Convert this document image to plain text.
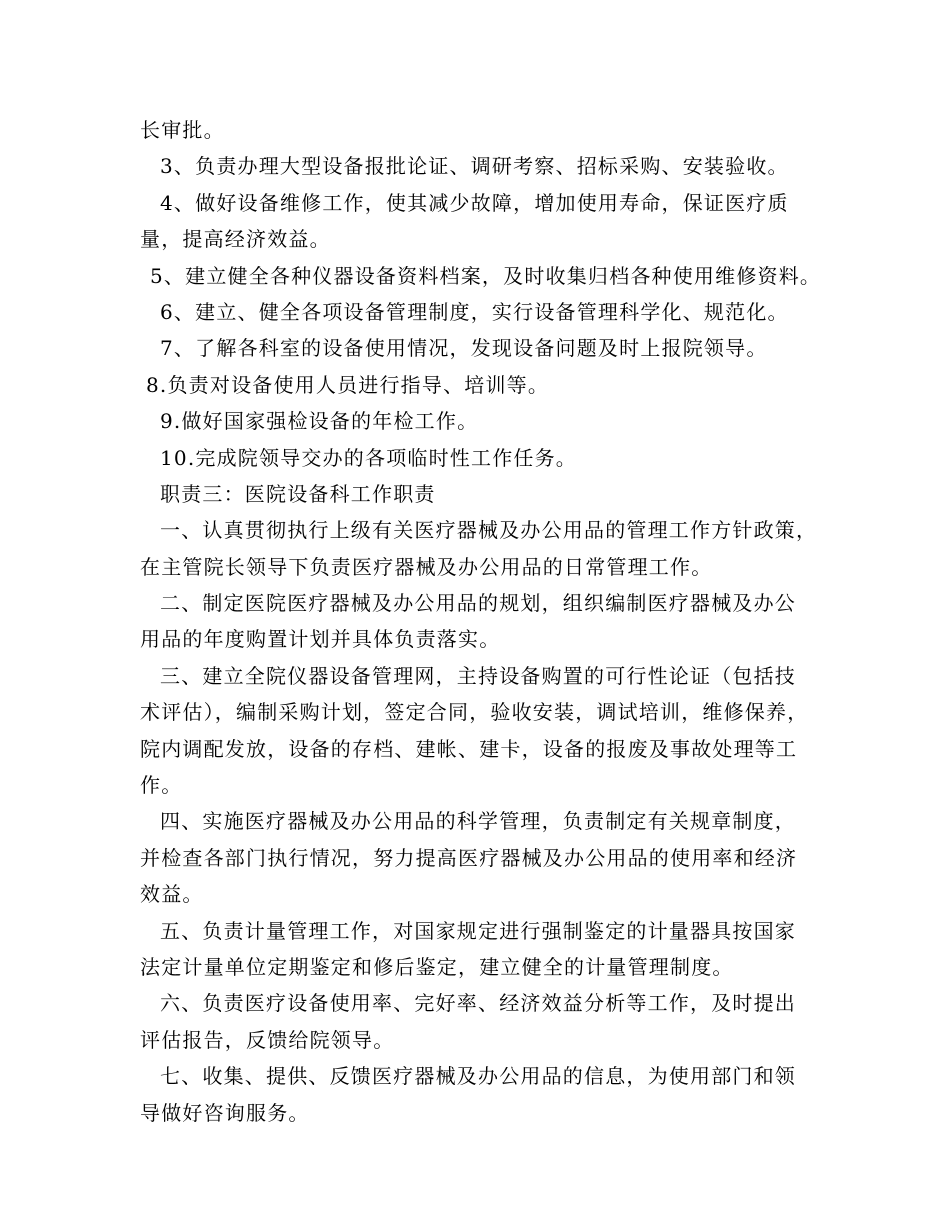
长审批。
3、负责办理大型设备报批论证、调研考察、招标采购、安装验收。
4、做好设备维修工作，使其减少故障，增加使用寿命，保证医疗质
量，提高经济效益。
5、建立健全各种仪器设备资料档案，及时收集归档各种使用维修资料。
6、建立、健全各项设备管理制度，实行设备管理科学化、规范化。
7、了解各科室的设备使用情况，发现设备问题及时上报院领导。
8.负责对设备使用人员进行指导、培训等。
9.做好国家强检设备的年检工作。
10.完成院领导交办的各项临时性工作任务。
职责三：医院设备科工作职责
一、认真贯彻执行上级有关医疗器械及办公用品的管理工作方针政策，
在主管院长领导下负责医疗器械及办公用品的日常管理工作。
二、制定医院医疗器械及办公用品的规划，组织编制医疗器械及办公
用品的年度购置计划并具体负责落实。
三、建立全院仪器设备管理网，主持设备购置的可行性论证（包括技
术评估），编制采购计划，签定合同，验收安装，调试培训，维修保养，
院内调配发放，设备的存档、建帐、建卡，设备的报废及事故处理等工
作。
四、实施医疗器械及办公用品的科学管理，负责制定有关规章制度，
并检查各部门执行情况，努力提高医疗器械及办公用品的使用率和经济
效益。
五、负责计量管理工作，对国家规定进行强制鉴定的计量器具按国家
法定计量单位定期鉴定和修后鉴定，建立健全的计量管理制度。
六、负责医疗设备使用率、完好率、经济效益分析等工作，及时提出
评估报告，反馈给院领导。
七、收集、提供、反馈医疗器械及办公用品的信息，为使用部门和领
导做好咨询服务。
